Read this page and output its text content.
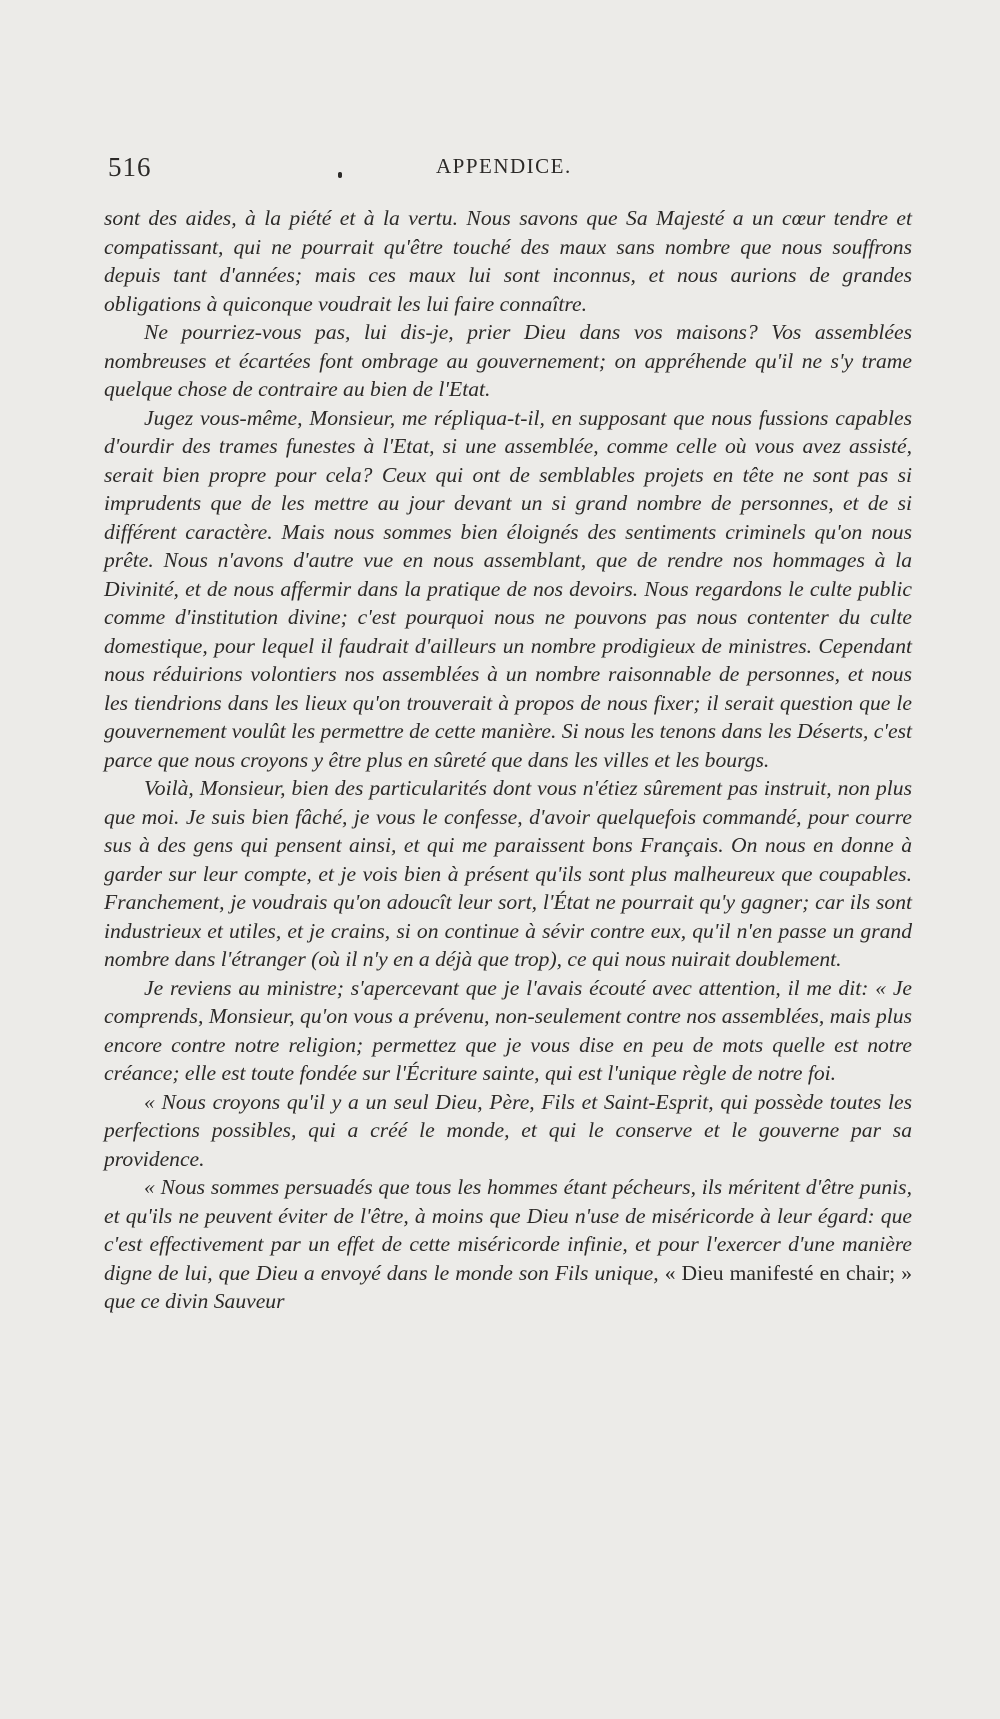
516	APPENDICE.

sont des aides, à la piété et à la vertu. Nous savons que Sa Majesté a un cœur tendre et compatissant, qui ne pourrait qu'être touché des maux sans nombre que nous souffrons depuis tant d'années; mais ces maux lui sont inconnus, et nous aurions de grandes obligations à quiconque voudrait les lui faire connaître.

Ne pourriez-vous pas, lui dis-je, prier Dieu dans vos maisons? Vos assemblées nombreuses et écartées font ombrage au gouvernement; on appréhende qu'il ne s'y trame quelque chose de contraire au bien de l'Etat.

Jugez vous-même, Monsieur, me répliqua-t-il, en supposant que nous fussions capables d'ourdir des trames funestes à l'Etat, si une assemblée, comme celle où vous avez assisté, serait bien propre pour cela? Ceux qui ont de semblables projets en tête ne sont pas si imprudents que de les mettre au jour devant un si grand nombre de personnes, et de si différent caractère. Mais nous sommes bien éloignés des sentiments criminels qu'on nous prête. Nous n'avons d'autre vue en nous assemblant, que de rendre nos hommages à la Divinité, et de nous affermir dans la pratique de nos devoirs. Nous regardons le culte public comme d'institution divine; c'est pourquoi nous ne pouvons pas nous contenter du culte domestique, pour lequel il faudrait d'ailleurs un nombre prodigieux de ministres. Cependant nous réduirions volontiers nos assemblées à un nombre raisonnable de personnes, et nous les tiendrions dans les lieux qu'on trouverait à propos de nous fixer; il serait question que le gouvernement voulût les permettre de cette manière. Si nous les tenons dans les Déserts, c'est parce que nous croyons y être plus en sûreté que dans les villes et les bourgs.

Voilà, Monsieur, bien des particularités dont vous n'étiez sûrement pas instruit, non plus que moi. Je suis bien fâché, je vous le confesse, d'avoir quelquefois commandé, pour courre sus à des gens qui pensent ainsi, et qui me paraissent bons Français. On nous en donne à garder sur leur compte, et je vois bien à présent qu'ils sont plus malheureux que coupables. Franchement, je voudrais qu'on adoucît leur sort, l'État ne pourrait qu'y gagner; car ils sont industrieux et utiles, et je crains, si on continue à sévir contre eux, qu'il n'en passe un grand nombre dans l'étranger (où il n'y en a déjà que trop), ce qui nous nuirait doublement.

Je reviens au ministre; s'apercevant que je l'avais écouté avec attention, il me dit: « Je comprends, Monsieur, qu'on vous a prévenu, non-seulement contre nos assemblées, mais plus encore contre notre religion; permettez que je vous dise en peu de mots quelle est notre créance; elle est toute fondée sur l'Écriture sainte, qui est l'unique règle de notre foi.

« Nous croyons qu'il y a un seul Dieu, Père, Fils et Saint-Esprit, qui possède toutes les perfections possibles, qui a créé le monde, et qui le conserve et le gouverne par sa providence.

« Nous sommes persuadés que tous les hommes étant pécheurs, ils méritent d'être punis, et qu'ils ne peuvent éviter de l'être, à moins que Dieu n'use de miséricorde à leur égard: que c'est effectivement par un effet de cette miséricorde infinie, et pour l'exercer d'une manière digne de lui, que Dieu a envoyé dans le monde son Fils unique, « Dieu manifesté en chair; » que ce divin Sauveur
